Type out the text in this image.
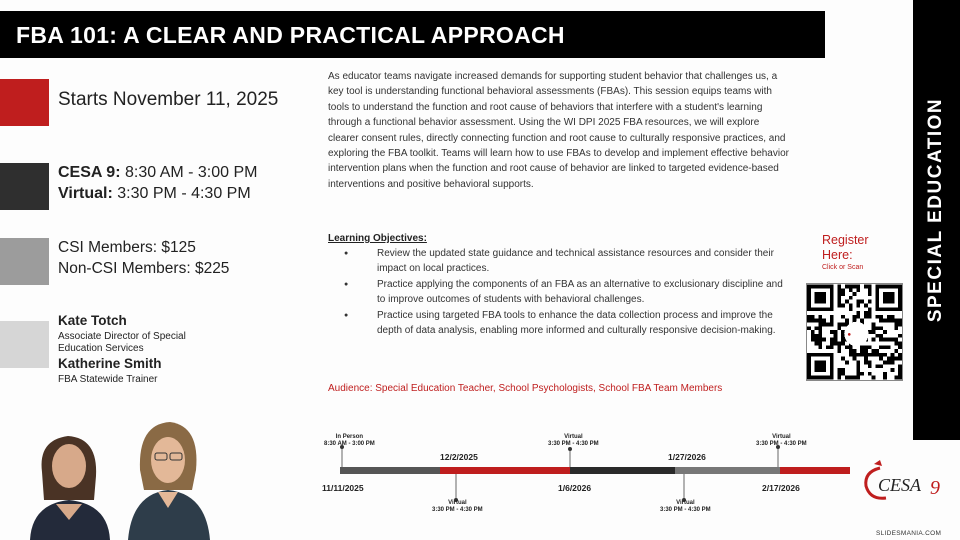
FBA 101: A CLEAR AND PRACTICAL APPROACH
SPECIAL EDUCATION
Starts November 11, 2025
CESA 9: 8:30 AM - 3:00 PM
Virtual: 3:30 PM - 4:30 PM
CSI Members: $125
Non-CSI Members: $225
Kate Totch
Associate Director of Special
Education Services
Katherine Smith
FBA Statewide Trainer
As educator teams navigate increased demands for supporting student behavior that challenges us, a key tool is understanding functional behavioral assessments (FBAs). This session equips teams with tools to understand the function and root cause of behaviors that interfere with a student's learning through a functional behavior assessment. Using the WI DPI 2025 FBA resources, we will explore clearer consent rules, directly connecting function and root cause to culturally responsive practices, and exploring the FBA toolkit. Teams will learn how to use FBAs to develop and implement effective behavior intervention plans when the function and root cause of behavior are linked to targeted evidence-based interventions and positive behavioral supports.
Learning Objectives:
● Review the updated state guidance and technical assistance resources and consider their impact on local practices.
● Practice applying the components of an FBA as an alternative to exclusionary discipline and to improve outcomes of students with behavioral challenges.
● Practice using targeted FBA tools to enhance the data collection process and improve the depth of data analysis, enabling more informed and culturally responsive decision-making.
Audience: Special Education Teacher, School Psychologists, School FBA Team Members
Register
Here:
Click or Scan
•
In Person
8:30 AM - 3:00 PM
11/11/2025
Virtual
3:30 PM - 4:30 PM
12/2/2025
Virtual
3:30 PM - 4:30 PM
1/6/2026
Virtual
3:30 PM - 4:30 PM
1/27/2026
Virtual
3:30 PM - 4:30 PM
2/17/2026	CESA 9
SLIDESMANIA.COM
